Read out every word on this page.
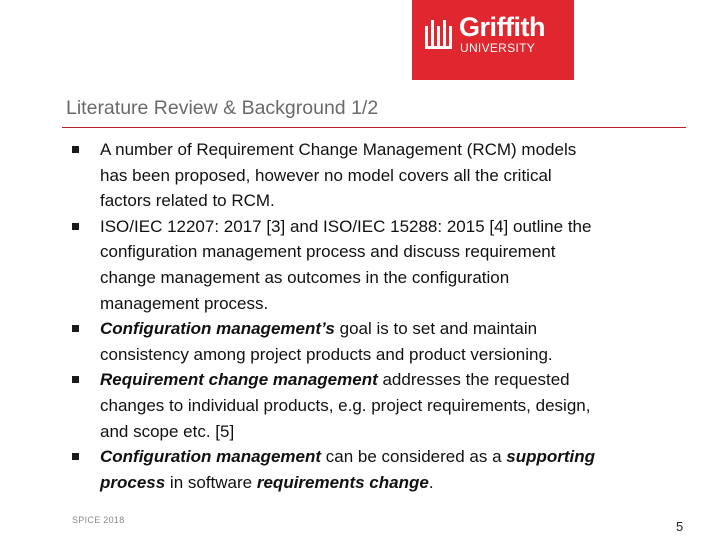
Griffith
UNIVERSITY
Literature Review & Background 1/2
A number of Requirement Change Management (RCM) models
has been proposed, however no model covers all the critical
factors related to RCM.
ISO/IEC 12207: 2017 [3] and ISO/IEC 15288: 2015 [4] outline the
configuration management process and discuss requirement
change management as outcomes in the configuration
management process.
Configuration management’s goal is to set and maintain
consistency among project products and product versioning.
Requirement change management addresses the requested
changes to individual products, e.g. project requirements, design,
and scope etc. [5]
Configuration management can be considered as a supporting
process in software requirements change.
SPICE 2018	5
